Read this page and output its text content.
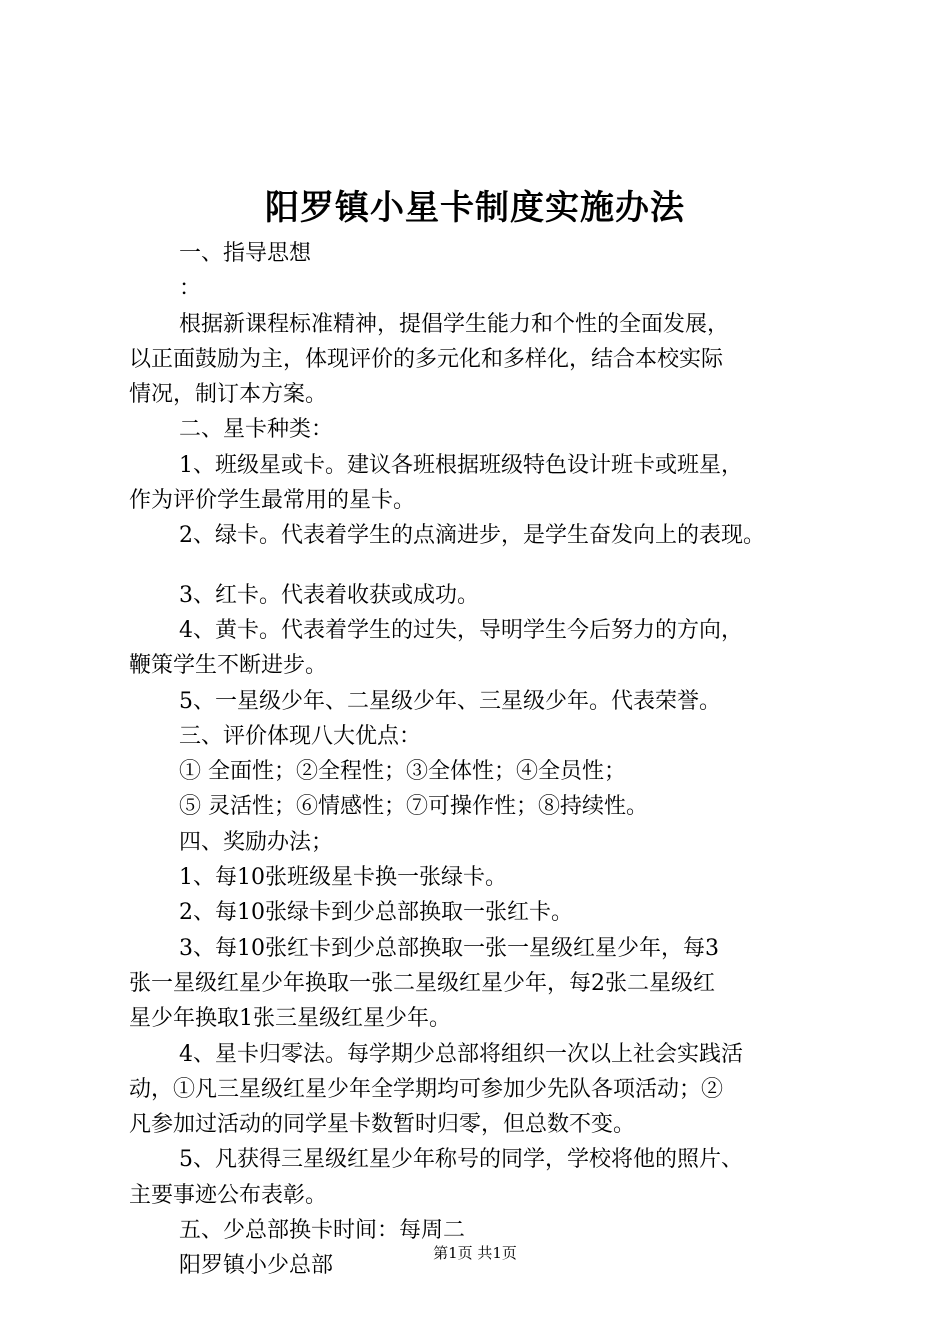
阳罗镇小星卡制度实施办法
一、指导思想
：
根据新课程标准精神，提倡学生能力和个性的全面发展，
以正面鼓励为主，体现评价的多元化和多样化，结合本校实际
情况，制订本方案。
二、星卡种类：
1、班级星或卡。建议各班根据班级特色设计班卡或班星，
作为评价学生最常用的星卡。
2、绿卡。代表着学生的点滴进步，是学生奋发向上的表现。
3、红卡。代表着收获或成功。
4、黄卡。代表着学生的过失，导明学生今后努力的方向，
鞭策学生不断进步。
5、一星级少年、二星级少年、三星级少年。代表荣誉。
三、评价体现八大优点：
① 全面性；②全程性；③全体性；④全员性；
⑤ 灵活性；⑥情感性；⑦可操作性；⑧持续性。
四、奖励办法；
1、每10张班级星卡换一张绿卡。
2、每10张绿卡到少总部换取一张红卡。
3、每10张红卡到少总部换取一张一星级红星少年，每3
张一星级红星少年换取一张二星级红星少年，每2张二星级红
星少年换取1张三星级红星少年。
4、星卡归零法。每学期少总部将组织一次以上社会实践活
动，①凡三星级红星少年全学期均可参加少先队各项活动；②
凡参加过活动的同学星卡数暂时归零，但总数不变。
5、凡获得三星级红星少年称号的同学，学校将他的照片、
主要事迹公布表彰。
五、少总部换卡时间：每周二
阳罗镇小少总部
第1页 共1页
